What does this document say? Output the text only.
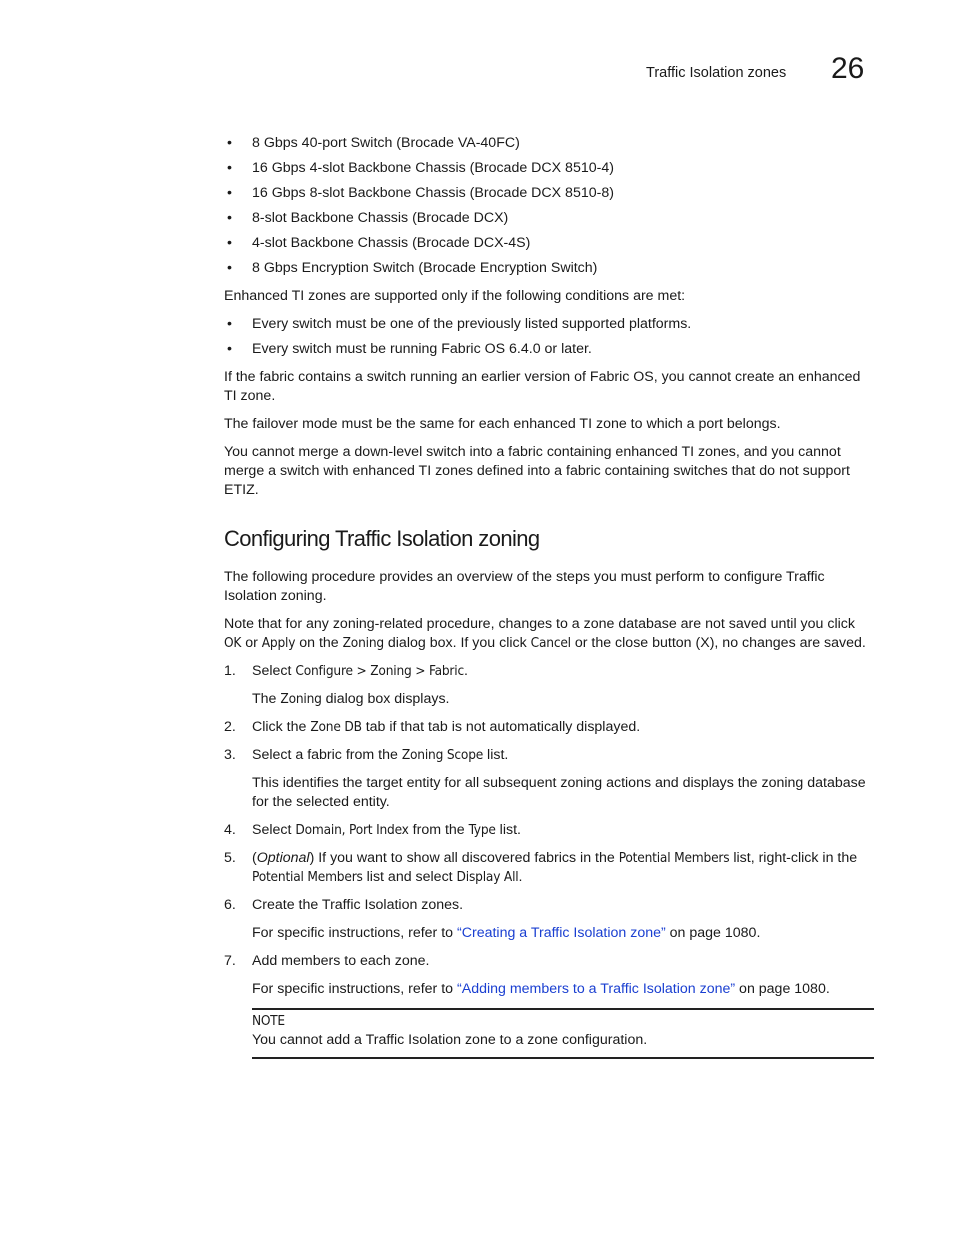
Traffic Isolation zones 26
• 8 Gbps 40-port Switch (Brocade VA-40FC)
• 16 Gbps 4-slot Backbone Chassis (Brocade DCX 8510-4)
• 16 Gbps 8-slot Backbone Chassis (Brocade DCX 8510-8)
• 8-slot Backbone Chassis (Brocade DCX)
• 4-slot Backbone Chassis (Brocade DCX-4S)
• 8 Gbps Encryption Switch (Brocade Encryption Switch)

Enhanced TI zones are supported only if the following conditions are met:

• Every switch must be one of the previously listed supported platforms.
• Every switch must be running Fabric OS 6.4.0 or later.

If the fabric contains a switch running an earlier version of Fabric OS, you cannot create an enhanced TI zone.

The failover mode must be the same for each enhanced TI zone to which a port belongs.

You cannot merge a down-level switch into a fabric containing enhanced TI zones, and you cannot merge a switch with enhanced TI zones defined into a fabric containing switches that do not support ETIZ.

Configuring Traffic Isolation zoning

The following procedure provides an overview of the steps you must perform to configure Traffic Isolation zoning.

Note that for any zoning-related procedure, changes to a zone database are not saved until you click OK or Apply on the Zoning dialog box. If you click Cancel or the close button (X), no changes are saved.

1. Select Configure > Zoning > Fabric.
The Zoning dialog box displays.
2. Click the Zone DB tab if that tab is not automatically displayed.
3. Select a fabric from the Zoning Scope list.
This identifies the target entity for all subsequent zoning actions and displays the zoning database for the selected entity.
4. Select Domain, Port Index from the Type list.
5. (Optional) If you want to show all discovered fabrics in the Potential Members list, right-click in the Potential Members list and select Display All.
6. Create the Traffic Isolation zones.
For specific instructions, refer to “Creating a Traffic Isolation zone” on page 1080.
7. Add members to each zone.
For specific instructions, refer to “Adding members to a Traffic Isolation zone” on page 1080.
NOTE
You cannot add a Traffic Isolation zone to a zone configuration.
